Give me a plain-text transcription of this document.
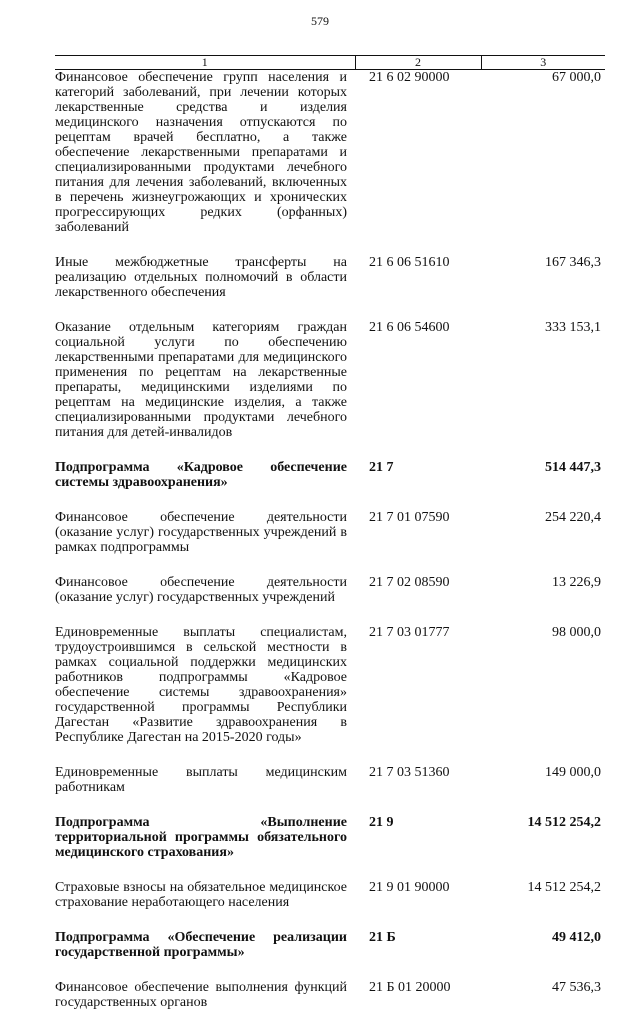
579
1	2	3
Финансовое обеспечение групп населения и категорий заболеваний, при лечении которых лекарственные средства и изделия медицинского назначения отпускаются по рецептам врачей бесплатно, а также обеспечение лекарственными препаратами и специализированными продуктами лечебного питания для лечения заболеваний, включенных в перечень жизнеугрожающих и хронических прогрессирующих редких (орфанных) заболеваний	21 6 02 90000	67 000,0
Иные межбюджетные трансферты на реализацию отдельных полномочий в области лекарственного обеспечения	21 6 06 51610	167 346,3
Оказание отдельным категориям граждан социальной услуги по обеспечению лекарственными препаратами для медицинского применения по рецептам на лекарственные препараты, медицинскими изделиями по рецептам на медицинские изделия, а также специализированными продуктами лечебного питания для детей-инвалидов	21 6 06 54600	333 153,1
Подпрограмма «Кадровое обеспечение системы здравоохранения»	21 7	514 447,3
Финансовое обеспечение деятельности (оказание услуг) государственных учреждений в рамках подпрограммы	21 7 01 07590	254 220,4
Финансовое обеспечение деятельности (оказание услуг) государственных учреждений	21 7 02 08590	13 226,9
Единовременные выплаты специалистам, трудоустроившимся в сельской местности в рамках социальной поддержки медицинских работников подпрограммы «Кадровое обеспечение системы здравоохранения» государственной программы Республики Дагестан «Развитие здравоохранения в Республике Дагестан на 2015-2020 годы»	21 7 03 01777	98 000,0
Единовременные выплаты медицинским работникам	21 7 03 51360	149 000,0
Подпрограмма «Выполнение территориальной программы обязательного медицинского страхования»	21 9	14 512 254,2
Страховые взносы на обязательное медицинское страхование неработающего населения	21 9 01 90000	14 512 254,2
Подпрограмма «Обеспечение реализации государственной программы»	21 Б	49 412,0
Финансовое обеспечение выполнения функций государственных органов	21 Б 01 20000	47 536,3
